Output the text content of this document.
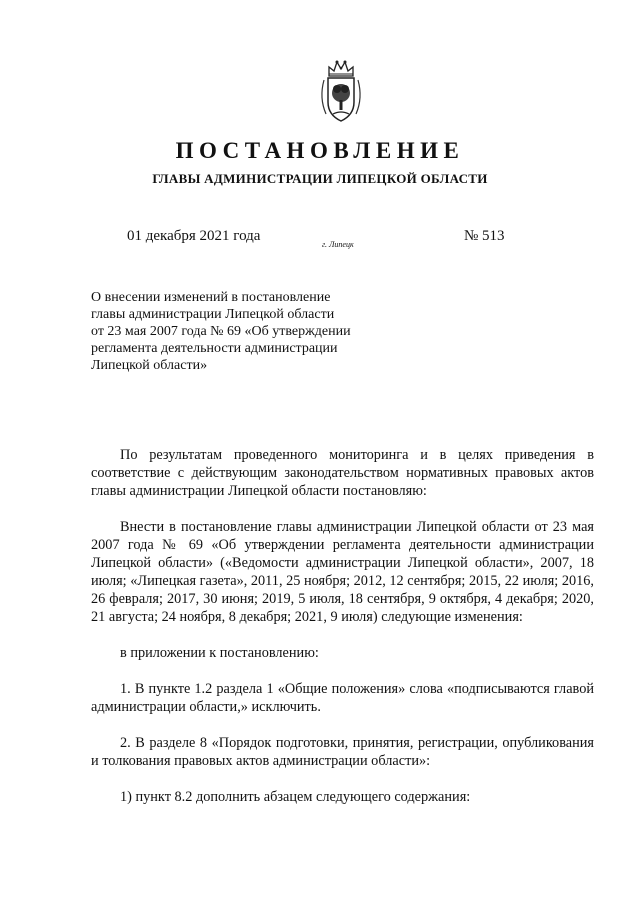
ПОСТАНОВЛЕНИЕ
ГЛАВЫ АДМИНИСТРАЦИИ ЛИПЕЦКОЙ ОБЛАСТИ
01 декабря 2021 года
г. Липецк
№ 513
О внесении изменений в постановление
главы администрации Липецкой области
от 23 мая 2007 года № 69 «Об утверждении
регламента деятельности администрации
Липецкой области»

По результатам проведенного мониторинга и в целях приведения в соответствие с действующим законодательством нормативных правовых актов главы администрации Липецкой области постановляю:

Внести в постановление главы администрации Липецкой области от 23 мая 2007 года № 69 «Об утверждении регламента деятельности администрации Липецкой области» («Ведомости администрации Липецкой области», 2007, 18 июля; «Липецкая газета», 2011, 25 ноября; 2012, 12 сентября; 2015, 22 июля; 2016, 26 февраля; 2017, 30 июня; 2019, 5 июля, 18 сентября, 9 октября, 4 декабря; 2020, 21 августа; 24 ноября, 8 декабря; 2021, 9 июля) следующие изменения:

в приложении к постановлению:

1. В пункте 1.2 раздела 1 «Общие положения» слова «подписываются главой администрации области,» исключить.

2. В разделе 8 «Порядок подготовки, принятия, регистрации, опубликования и толкования правовых актов администрации области»:

1) пункт 8.2 дополнить абзацем следующего содержания:
